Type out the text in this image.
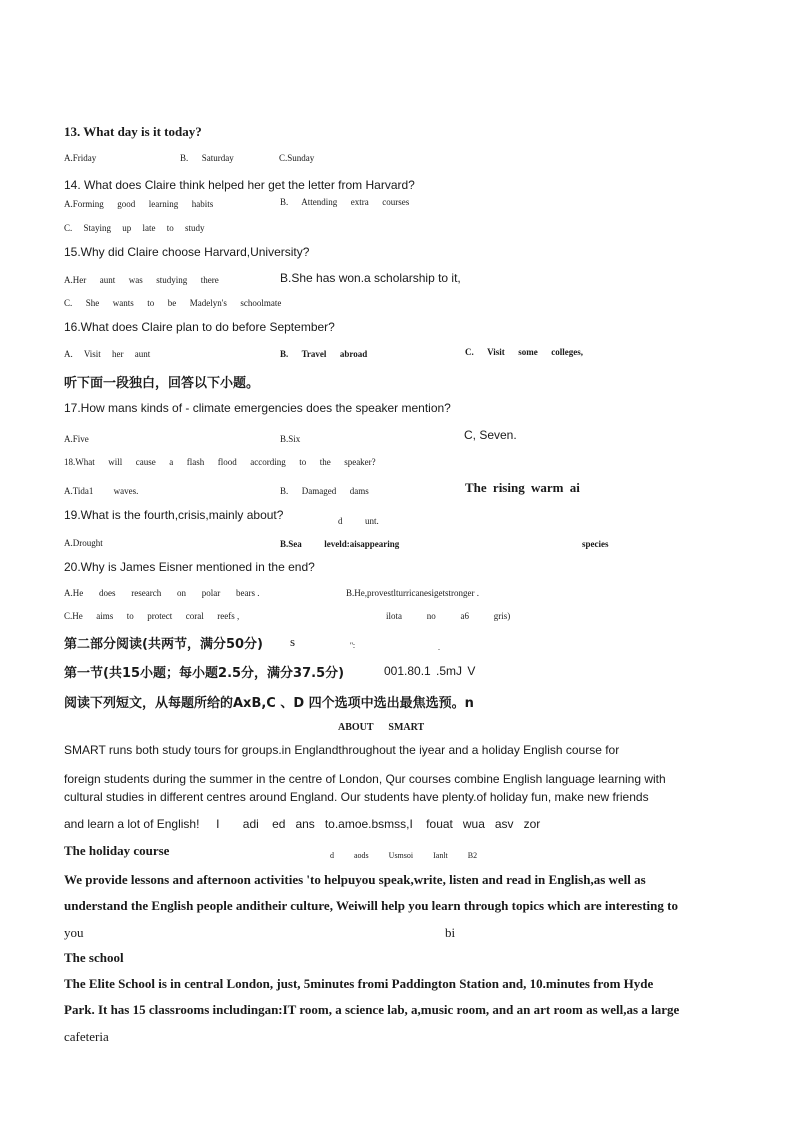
13. What day is it today?
A.Friday	B.      Saturday	C.Sunday
14. What does Claire think helped her get the letter from Harvard?
A.Forming      good      learning      habits	B.      Attending      extra      courses
C.     Staying     up     late     to     study
15.Why did Claire choose Harvard,University?
A.Her      aunt      was      studying      there	B.She has won.a scholarship to it,
C.      She      wants      to      be      Madelyn's      schoolmate
16.What does Claire plan to do before September?
A.     Visit     her     aunt	B.      Travel      abroad	C.      Visit      some      colleges,
听下面一段独白，回答以下小题。
17.How mans kinds of - climate emergencies does the speaker mention?
A.Five	B.Six	C, Seven.
18.What      will      cause      a      flash      flood      according      to      the      speaker?
A.Tida1         waves.	B.      Damaged      dams	The rising warm ai
19.What is the fourth,crisis,mainly about?	d          unt.
A.Drought	B.Sea          leveld:aisappearing	species
20.Why is James Eisner mentioned in the end?
A.He       does       research       on       polar       bears .	B.He,provestlturricanesigetstronger .
C.He      aims      to      protect      coral      reefs ,	ilota           no           a6           gris)
第二部分阅读(共两节，满分50分) s	'':	.
第一节(共15小题；每小题2.5分，满分37.5分)	001.80.1 .5mJ V
阅读下列短文，从每题所给的AxB,C 、D 四个选项中选出最焦选预。n
ABOUT      SMART
SMART runs both study tours for groups.in Englandthroughout the iyear and a holiday English course for
foreign students during the summer in the centre of London, Qur courses combine English language learning with
cultural studies in different centres around England. Our students have plenty.of holiday fun, make new friends
and learn a lot of English!     I       adi    ed   ans   to.amoe.bsmss,I    fouat   wua   asv   zor
The holiday course	d          aods          Usmsoi          Ianlt          B2
We provide lessons and afternoon activities 'to helpuyou speak,write, listen and read in English,as well as
understand the English people anditheir culture, Weiwill help you learn through topics which are interesting to
you	bi
The school
The Elite School is in central London, just, 5minutes fromi Paddington Station and, 10.minutes from Hyde
Park. It has 15 classrooms includingan:IT room, a science lab, a,music room, and an art room as well,as a large
cafeteria
